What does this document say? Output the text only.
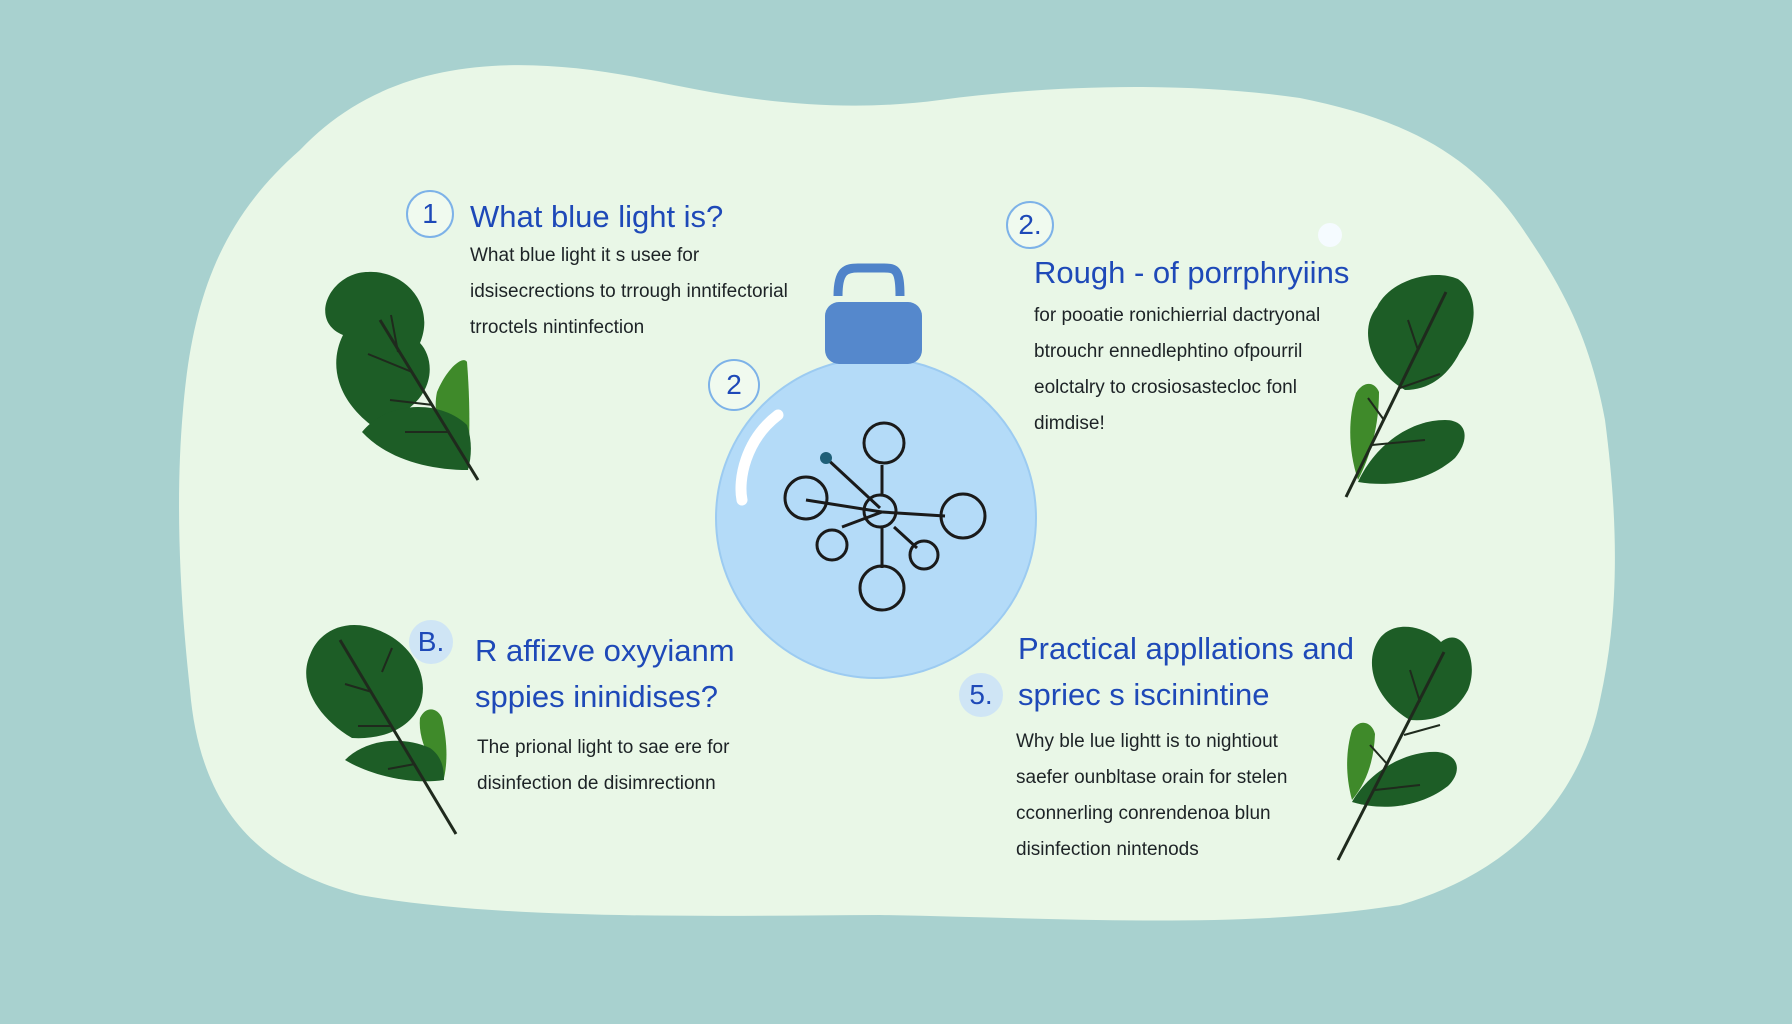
1	2.
2
B.
5.
What blue light is?
What blue light it s usee for
idsisecrections to trrough inntifectorial
trroctels nintinfection
Rough - of porrphryiins
for pooatie ronichierrial dactryonal
btrouchr ennedlephtino ofpourril
eolctalry to crosiosastecloc fonl
dimdise!
R affizve oxyyianm
sppies ininidises?
The prional light to sae ere for
disinfection de disimrectionn
Practical appllations and
spriec s iscinintine
Why ble lue lightt is to nightiout
saefer ounbltase orain for stelen
cconnerling conrendenoa blun
disinfection nintenods
